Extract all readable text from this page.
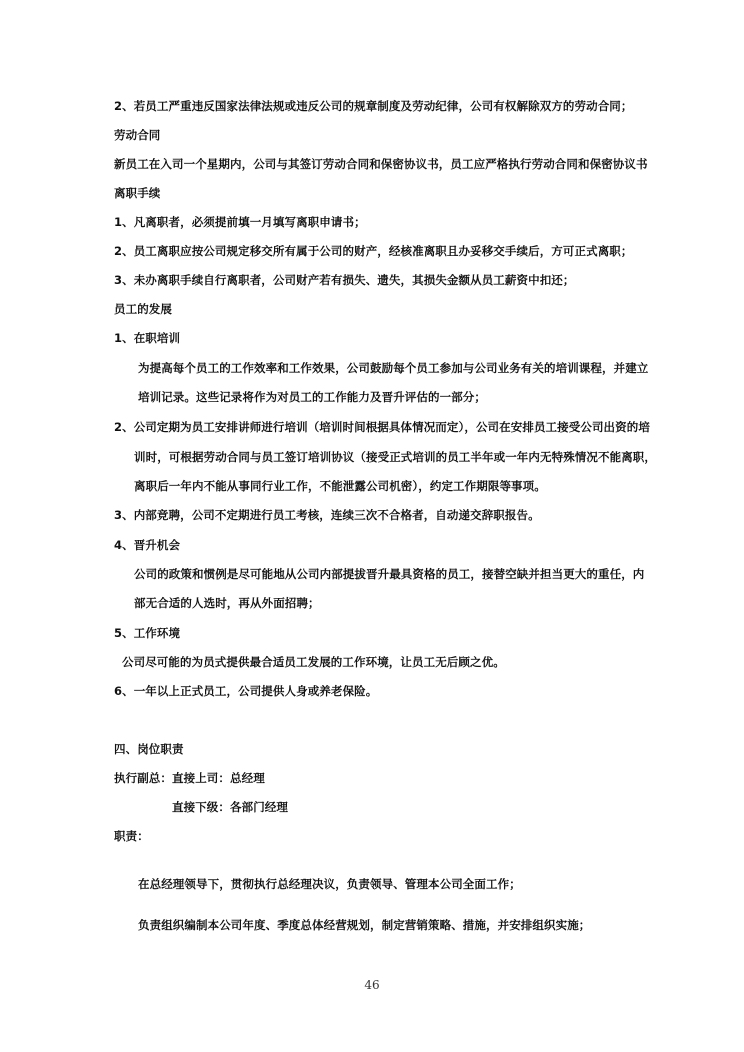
2、若员工严重违反国家法律法规或违反公司的规章制度及劳动纪律，公司有权解除双方的劳动合同；
劳动合同
新员工在入司一个星期内，公司与其签订劳动合同和保密协议书，员工应严格执行劳动合同和保密协议书
离职手续
1、凡离职者，必须提前填一月填写离职申请书；
2、员工离职应按公司规定移交所有属于公司的财产，经核准离职且办妥移交手续后，方可正式离职；
3、未办离职手续自行离职者，公司财产若有损失、遗失，其损失金额从员工薪资中扣还；
员工的发展
1、在职培训
为提高每个员工的工作效率和工作效果，公司鼓励每个员工参加与公司业务有关的培训课程，并建立
培训记录。这些记录将作为对员工的工作能力及晋升评估的一部分；
2、公司定期为员工安排讲师进行培训（培训时间根据具体情况而定），公司在安排员工接受公司出资的培
训时，可根据劳动合同与员工签订培训协议（接受正式培训的员工半年或一年内无特殊情况不能离职，
离职后一年内不能从事同行业工作，不能泄露公司机密），约定工作期限等事项。
3、内部竞聘，公司不定期进行员工考核，连续三次不合格者，自动递交辞职报告。
4、晋升机会
公司的政策和惯例是尽可能地从公司内部提拔晋升最具资格的员工，接替空缺并担当更大的重任，内
部无合适的人选时，再从外面招聘；
5、工作环境
公司尽可能的为员式提供最合适员工发展的工作环境，让员工无后顾之优。
6、一年以上正式员工，公司提供人身或养老保险。
四、岗位职责
执行副总：直接上司：总经理
直接下级：各部门经理
职责：
在总经理领导下，贯彻执行总经理决议，负责领导、管理本公司全面工作；
负责组织编制本公司年度、季度总体经营规划，制定营销策略、措施，并安排组织实施；
46
